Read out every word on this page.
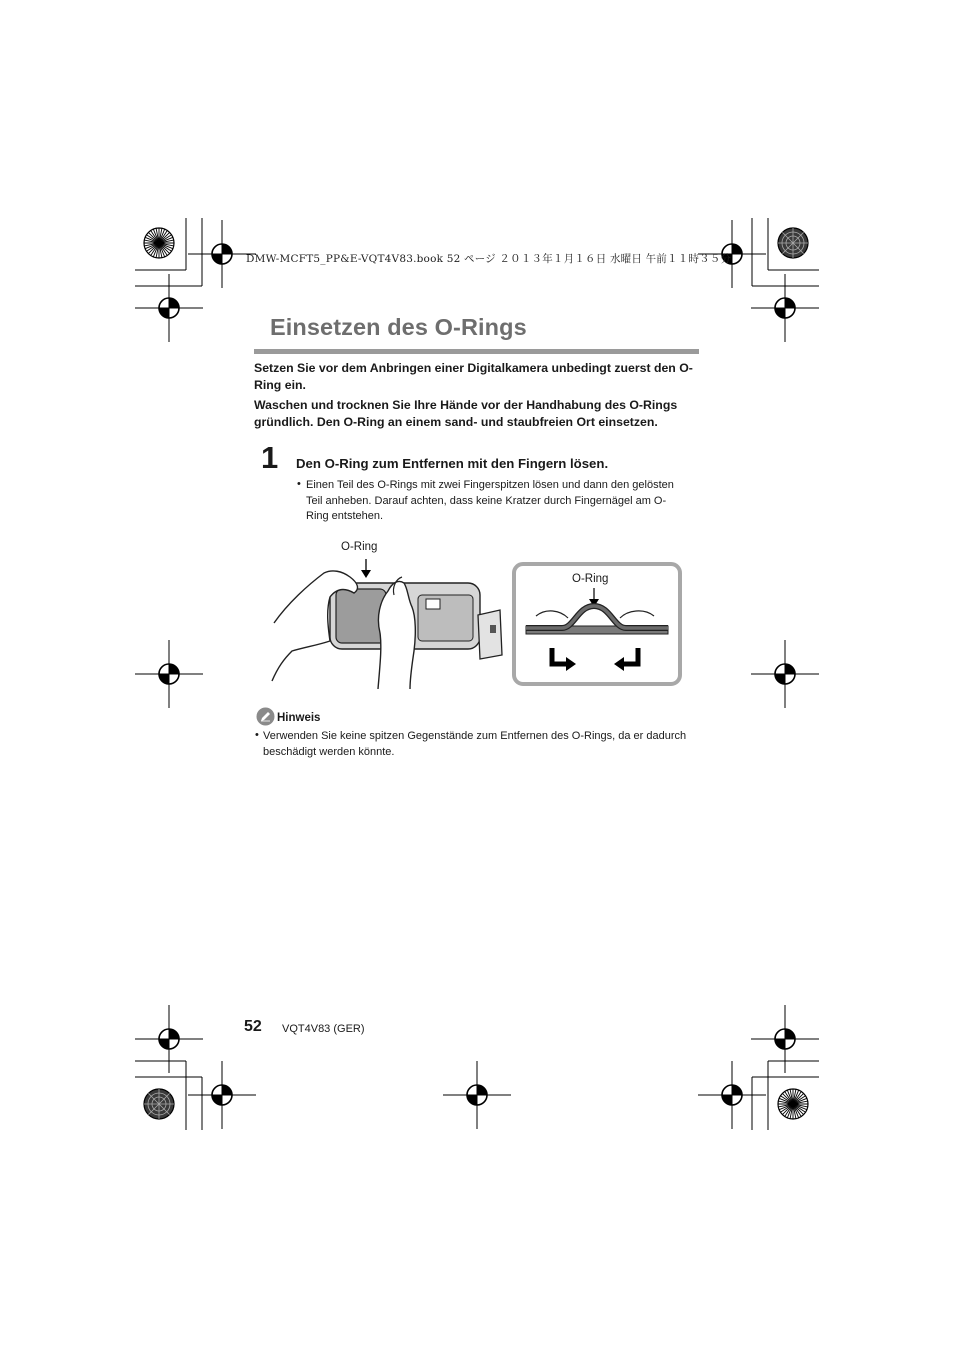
DMW-MCFT5_PP&E-VQT4V83.book 52 ページ ２０１３年１月１６日 水曜日 午前１１時３５分
Einsetzen des O-Rings
Setzen Sie vor dem Anbringen einer Digitalkamera unbedingt zuerst den O-Ring ein.
Waschen und trocknen Sie Ihre Hände vor der Handhabung des O-Rings gründlich. Den O-Ring an einem sand- und staubfreien Ort einsetzen.
1 Den O-Ring zum Entfernen mit den Fingern lösen.
• Einen Teil des O-Rings mit zwei Fingerspitzen lösen und dann den gelösten Teil anheben. Darauf achten, dass keine Kratzer durch Fingernägel am O-Ring entstehen.
O-Ring
O-Ring
Hinweis
• Verwenden Sie keine spitzen Gegenstände zum Entfernen des O-Rings, da er dadurch beschädigt werden könnte.
52 VQT4V83 (GER)
